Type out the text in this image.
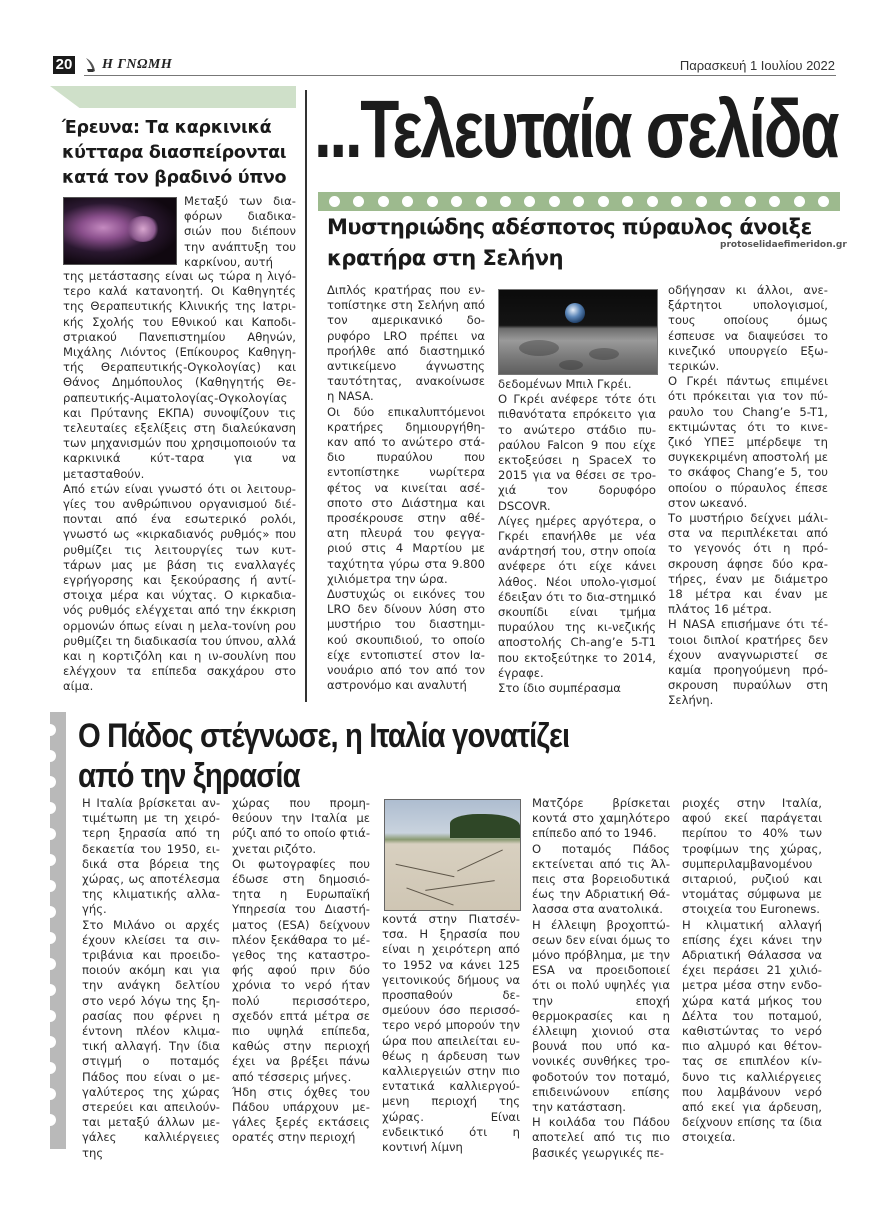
20 Η ΓΝΩΜΗ	Παρασκευή 1 Ιουλίου 2022
...Τελευταία σελίδα
Έρευνα: Τα καρκινικά κύτταρα διασπείρονται κατά τον βραδινό ύπνο

Μεταξύ των δια-φόρων διαδικα-σιών που διέπουν την ανάπτυξη του καρκίνου, αυτή

της μετάστασης είναι ως τώρα η λιγό-τερο καλά κατανοητή. Οι Καθηγητές της Θεραπευτικής Κλινικής της Ιατρι-κής Σχολής του Εθνικού και Καποδι-στριακού Πανεπιστημίου Αθηνών, Μιχάλης Λιόντος (Επίκουρος Καθηγη-τής Θεραπευτικής-Ογκολογίας) και Θάνος Δημόπουλος (Καθηγητής Θε-ραπευτικής-Αιματολογίας-Ογκολογίας και Πρύτανης ΕΚΠΑ) συνοψίζουν τις τελευταίες εξελίξεις στη διαλεύκανση των μηχανισμών που χρησιμοποιούν τα καρκινικά κύτ-ταρα για να μετασταθούν.

Από ετών είναι γνωστό ότι οι λειτουρ-γίες του ανθρώπινου οργανισμού διέ-πονται από ένα εσωτερικό ρολόι, γνωστό ως «κιρκαδιανός ρυθμός» που ρυθμίζει τις λειτουργίες των κυτ-τάρων μας με βάση τις εναλλαγές εγρήγορσης και ξεκούρασης ή αντί-στοιχα μέρα και νύχτας. Ο κιρκαδια-νός ρυθμός ελέγχεται από την έκκριση ορμονών όπως είναι η μελα-τονίνη ρου ρυθμίζει τη διαδικασία του ύπνου, αλλά και η κορτιζόλη και η ιν-σουλίνη που ελέγχουν τα επίπεδα σακχάρου στο αίμα.

Μυστηριώδης αδέσποτος πύραυλος άνοιξε κρατήρα στη Σελήνη
protoselidaefimeridon.gr

Διπλός κρατήρας που εν-τοπίστηκε στη Σελήνη από τον αμερικανικό δο-ρυφόρο LRO πρέπει να προήλθε από διαστημικό αντικείμενο άγνωστης ταυτότητας, ανακοίνωσε η NASA.

Οι δύο επικαλυπτόμενοι κρατήρες δημιουργήθη-καν από το ανώτερο στά-διο πυραύλου που εντοπίστηκε νωρίτερα φέτος να κινείται ασέ-σποτο στο Διάστημα και προσέκρουσε στην αθέ-ατη πλευρά του φεγγα-ριού στις 4 Μαρτίου με ταχύτητα γύρω στα 9.800 χιλιόμετρα την ώρα.

Δυστυχώς οι εικόνες του LRO δεν δίνουν λύση στο μυστήριο του διαστημι-κού σκουπιδιού, το οποίο είχε εντοπιστεί στον Ια-νουάριο από τον από τον αστρονόμο και αναλυτή

δεδομένων Μπιλ Γκρέι.

Ο Γκρέι ανέφερε τότε ότι πιθανότατα επρόκειτο για το ανώτερο στάδιο πυ-ραύλου Falcon 9 που είχε εκτοξεύσει η SpaceX το 2015 για να θέσει σε τρο-χιά τον δορυφόρο DSCOVR.

Λίγες ημέρες αργότερα, ο Γκρέι επανήλθε με νέα ανάρτησή του, στην οποία ανέφερε ότι είχε κάνει λάθος. Νέοι υπολο-γισμοί έδειξαν ότι το δια-στημικό σκουπίδι είναι τμήμα πυραύλου της κι-νεζικής αποστολής Ch-ang’e 5-T1 που εκτοξεύτηκε το 2014, έγραφε.

Στο ίδιο συμπέρασμα

οδήγησαν κι άλλοι, ανε-ξάρτητοι υπολογισμοί, τους οποίους όμως έσπευσε να διαψεύσει το κινεζικό υπουργείο Εξω-τερικών.

Ο Γκρέι πάντως επιμένει ότι πρόκειται για τον πύ-ραυλο του Chang’e 5-T1, εκτιμώντας ότι το κινε-ζικό ΥΠΕΞ μπέρδεψε τη συγκεκριμένη αποστολή με το σκάφος Chang’e 5, του οποίου ο πύραυλος έπεσε στον ωκεανό.

Το μυστήριο δείχνει μάλι-στα να περιπλέκεται από το γεγονός ότι η πρό-σκρουση άφησε δύο κρα-τήρες, έναν με διάμετρο 18 μέτρα και έναν με πλάτος 16 μέτρα.

Η NASA επισήμανε ότι τέ-τοιοι διπλοί κρατήρες δεν έχουν αναγνωριστεί σε καμία προηγούμενη πρό-σκρουση πυραύλων στη Σελήνη.

Ο Πάδος στέγνωσε, η Ιταλία γονατίζει
από την ξηρασία

Η Ιταλία βρίσκεται αν-τιμέτωπη με τη χειρό-τερη ξηρασία από τη δεκαετία του 1950, ει-δικά στα βόρεια της χώρας, ως αποτέλεσμα της κλιματικής αλλα-γής.

Στο Μιλάνο οι αρχές έχουν κλείσει τα σιν-τριβάνια και προειδο-ποιούν ακόμη και για την ανάγκη δελτίου στο νερό λόγω της ξη-ρασίας που φέρνει η έντονη πλέον κλιμα-τική αλλαγή. Την ίδια στιγμή ο ποταμός Πάδος που είναι ο με-γαλύτερος της χώρας στερεύει και απειλούν-ται μεταξύ άλλων με-γάλες καλλιέργειες της

χώρας που προμη-θεύουν την Ιταλία με ρύζι από το οποίο φτιά-χνεται ριζότο.

Οι φωτογραφίες που έδωσε στη δημοσιό-τητα η Ευρωπαϊκή Υπηρεσία του Διαστή-ματος (ESA) δείχνουν πλέον ξεκάθαρα το μέ-γεθος της καταστρο-φής αφού πριν δύο χρόνια το νερό ήταν πολύ περισσότερο, σχεδόν επτά μέτρα σε πιο υψηλά επίπεδα, καθώς στην περιοχή έχει να βρέξει πάνω από τέσσερις μήνες.

Ήδη στις όχθες του Πάδου υπάρχουν με-γάλες ξερές εκτάσεις ορατές στην περιοχή

κοντά στην Πιατσέν-τσα. Η ξηρασία που είναι η χειρότερη από το 1952 να κάνει 125 γειτονικούς δήμους να προσπαθούν δε-σμεύουν όσο περισσό-τερο νερό μπορούν την ώρα που απειλείται ευ-θέως η άρδευση των καλλιεργειών στην πιο εντατικά καλλιεργού-μενη περιοχή της χώρας. Είναι ενδεικτικό ότι η κοντινή λίμνη

Ματζόρε βρίσκεται κοντά στο χαμηλότερο επίπεδο από το 1946.

Ο ποταμός Πάδος εκτείνεται από τις Άλ-πεις στα βορειοδυτικά έως την Αδριατική Θά-λασσα στα ανατολικά.

Η έλλειψη βροχοπτώ-σεων δεν είναι όμως το μόνο πρόβλημα, με την ESA να προειδοποιεί ότι οι πολύ υψηλές για την εποχή θερμοκρασίες και η έλλειψη χιονιού στα βουνά που υπό κα-νονικές συνθήκες τρο-φοδοτούν τον ποταμό, επιδεινώνουν επίσης την κατάσταση.

Η κοιλάδα του Πάδου αποτελεί από τις πιο βασικές γεωργικές πε-

ριοχές στην Ιταλία, αφού εκεί παράγεται περίπου το 40% των τροφίμων της χώρας, συμπεριλαμβανομένου σιταριού, ρυζιού και ντομάτας σύμφωνα με στοιχεία του Euronews.

Η κλιματική αλλαγή επίσης έχει κάνει την Αδριατική Θάλασσα να έχει περάσει 21 χιλιό-μετρα μέσα στην ενδο-χώρα κατά μήκος του Δέλτα του ποταμού, καθιστώντας το νερό πιο αλμυρό και θέτον-τας σε επιπλέον κίν-δυνο τις καλλιέργειες που λαμβάνουν νερό από εκεί για άρδευση, δείχνουν επίσης τα ίδια στοιχεία.
